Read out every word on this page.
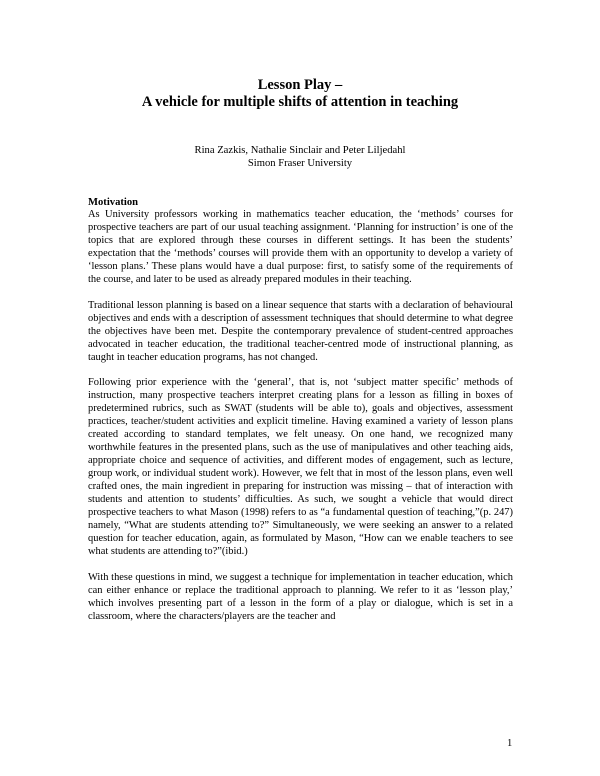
Lesson Play –
A vehicle for multiple shifts of attention in teaching
Rina Zazkis, Nathalie Sinclair and Peter Liljedahl
Simon Fraser University
Motivation

As University professors working in mathematics teacher education, the ‘methods’ courses for prospective teachers are part of our usual teaching assignment. ‘Planning for instruction’ is one of the topics that are explored through these courses in different settings. It has been the students’ expectation that the ‘methods’ courses will provide them with an opportunity to develop a variety of ‘lesson plans.’ These plans would have a dual purpose: first, to satisfy some of the requirements of the course, and later to be used as already prepared modules in their teaching.

Traditional lesson planning is based on a linear sequence that starts with a declaration of behavioural objectives and ends with a description of assessment techniques that should determine to what degree the objectives have been met. Despite the contemporary prevalence of student-centred approaches advocated in teacher education, the traditional teacher-centred mode of instructional planning, as taught in teacher education programs, has not changed.

Following prior experience with the ‘general’, that is, not ‘subject matter specific’ methods of instruction, many prospective teachers interpret creating plans for a lesson as filling in boxes of predetermined rubrics, such as SWAT (students will be able to), goals and objectives, assessment practices, teacher/student activities and explicit timeline. Having examined a variety of lesson plans created according to standard templates, we felt uneasy. On one hand, we recognized many worthwhile features in the presented plans, such as the use of manipulatives and other teaching aids, appropriate choice and sequence of activities, and different modes of engagement, such as lecture, group work, or individual student work). However, we felt that in most of the lesson plans, even well crafted ones, the main ingredient in preparing for instruction was missing – that of interaction with students and attention to students’ difficulties. As such, we sought a vehicle that would direct prospective teachers to what Mason (1998) refers to as “a fundamental question of teaching,”(p. 247) namely, “What are students attending to?” Simultaneously, we were seeking an answer to a related question for teacher education, again, as formulated by Mason, “How can we enable teachers to see what students are attending to?”(ibid.)

With these questions in mind, we suggest a technique for implementation in teacher education, which can either enhance or replace the traditional approach to planning. We refer to it as ‘lesson play,’ which involves presenting part of a lesson in the form of a play or dialogue, which is set in a classroom, where the characters/players are the teacher and

1
